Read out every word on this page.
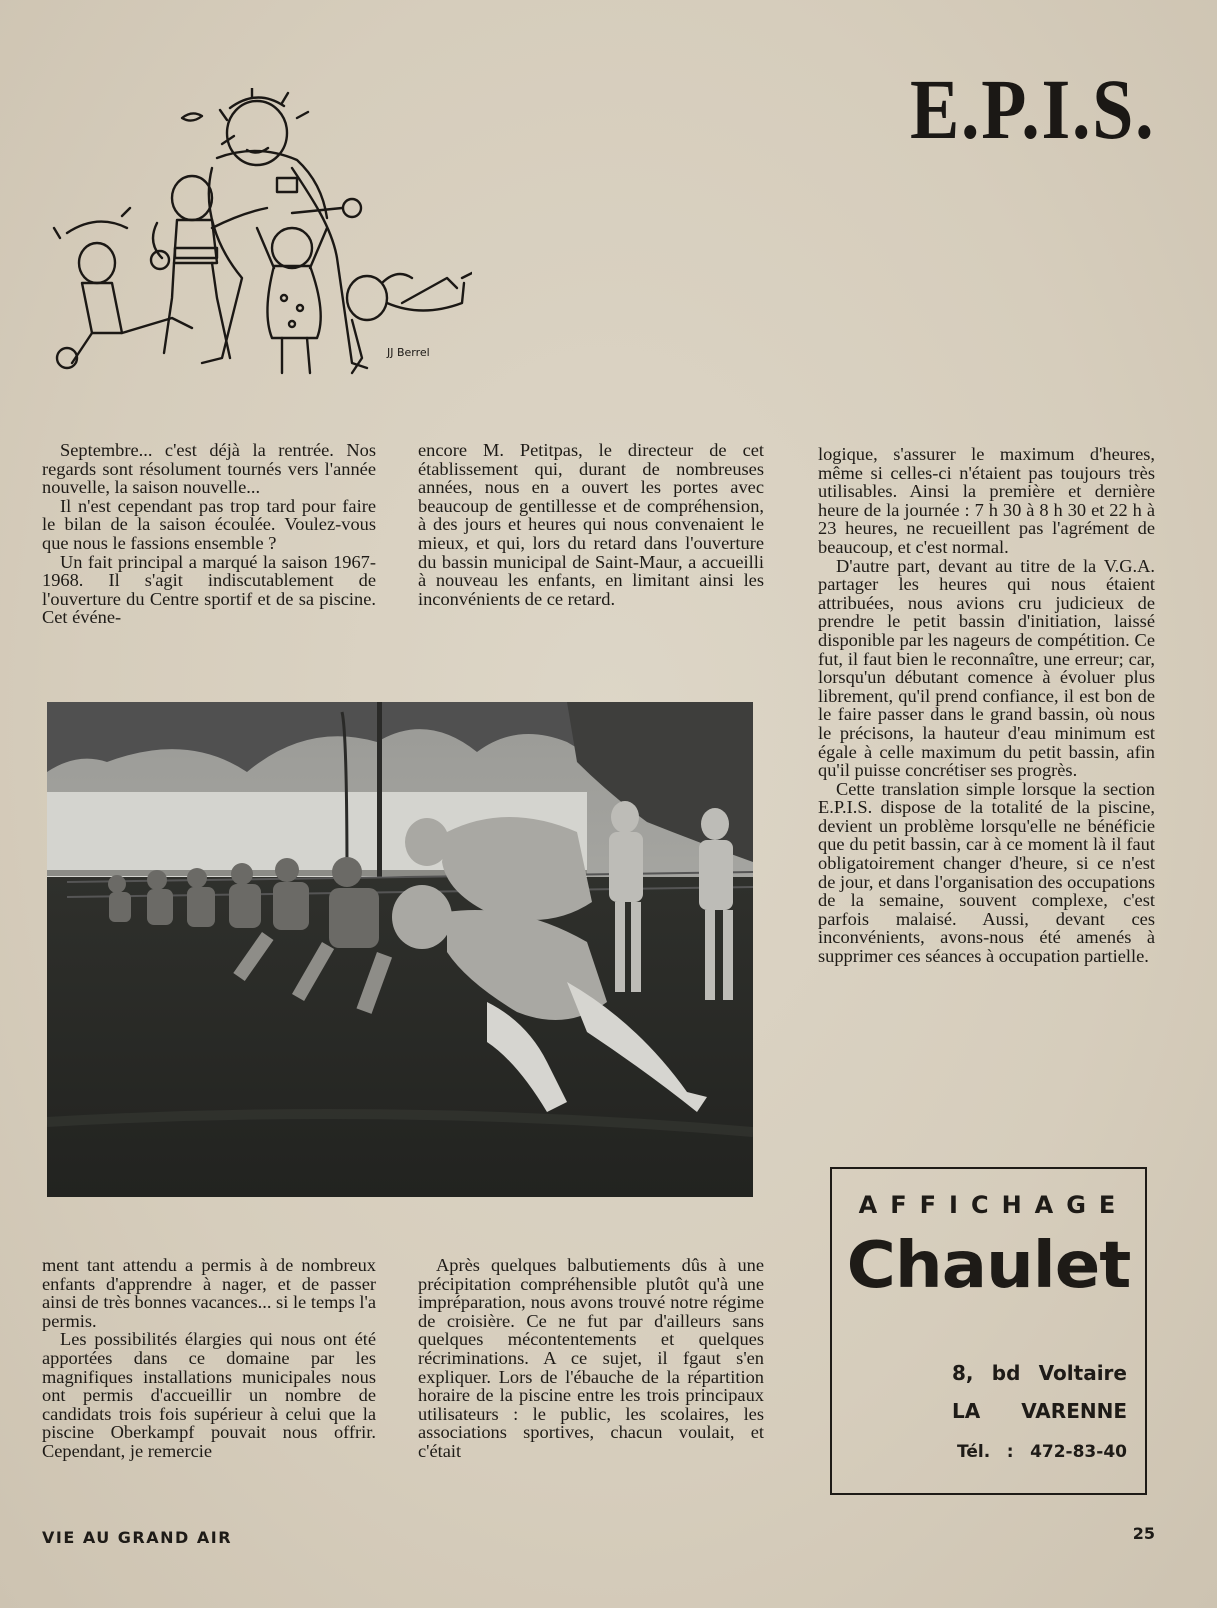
E.P.I.S.
JJ Berrel

Septembre... c'est déjà la rentrée. Nos regards sont résolument tournés vers l'année nouvelle, la saison nouvelle...

Il n'est cependant pas trop tard pour faire le bilan de la saison écoulée. Voulez-vous que nous le fassions ensemble ?

Un fait principal a marqué la saison 1967-1968. Il s'agit indiscutablement de l'ouverture du Centre sportif et de sa piscine. Cet événe-

encore M. Petitpas, le directeur de cet établissement qui, durant de nombreuses années, nous en a ouvert les portes avec beaucoup de gentillesse et de compréhension, à des jours et heures qui nous convenaient le mieux, et qui, lors du retard dans l'ouverture du bassin municipal de Saint-Maur, a accueilli à nouveau les enfants, en limitant ainsi les inconvénients de ce retard.

logique, s'assurer le maximum d'heures, même si celles-ci n'étaient pas toujours très utilisables. Ainsi la première et dernière heure de la journée : 7 h 30 à 8 h 30 et 22 h à 23 heures, ne recueillent pas l'agrément de beaucoup, et c'est normal.

D'autre part, devant au titre de la V.G.A. partager les heures qui nous étaient attribuées, nous avions cru judicieux de prendre le petit bassin d'initiation, laissé disponible par les nageurs de compétition. Ce fut, il faut bien le reconnaître, une erreur; car, lorsqu'un débutant comence à évoluer plus librement, qu'il prend confiance, il est bon de le faire passer dans le grand bassin, où nous le précisons, la hauteur d'eau minimum est égale à celle maximum du petit bassin, afin qu'il puisse concrétiser ses progrès.

Cette translation simple lorsque la section E.P.I.S. dispose de la totalité de la piscine, devient un problème lorsqu'elle ne bénéficie que du petit bassin, car à ce moment là il faut obligatoirement changer d'heure, si ce n'est de jour, et dans l'organisation des occupations de la semaine, souvent complexe, c'est parfois malaisé. Aussi, devant ces inconvénients, avons-nous été amenés à supprimer ces séances à occupation partielle.

ment tant attendu a permis à de nombreux enfants d'apprendre à nager, et de passer ainsi de très bonnes vacances... si le temps l'a permis.

Les possibilités élargies qui nous ont été apportées dans ce domaine par les magnifiques installations municipales nous ont permis d'accueillir un nombre de candidats trois fois supérieur à celui que la piscine Oberkampf pouvait nous offrir. Cependant, je remercie

Après quelques balbutiements dûs à une précipitation compréhensible plutôt qu'à une impréparation, nous avons trouvé notre régime de croisière. Ce ne fut par d'ailleurs sans quelques mécontentements et quelques récriminations. A ce sujet, il fgaut s'en expliquer. Lors de l'ébauche de la répartition horaire de la piscine entre les trois principaux utilisateurs : le public, les scolaires, les associations sportives, chacun voulait, et c'était

AFFICHAGE
Chaulet
8, bd Voltaire
LA VARENNE
Tél. : 472-83-40
VIE AU GRAND AIR	25
